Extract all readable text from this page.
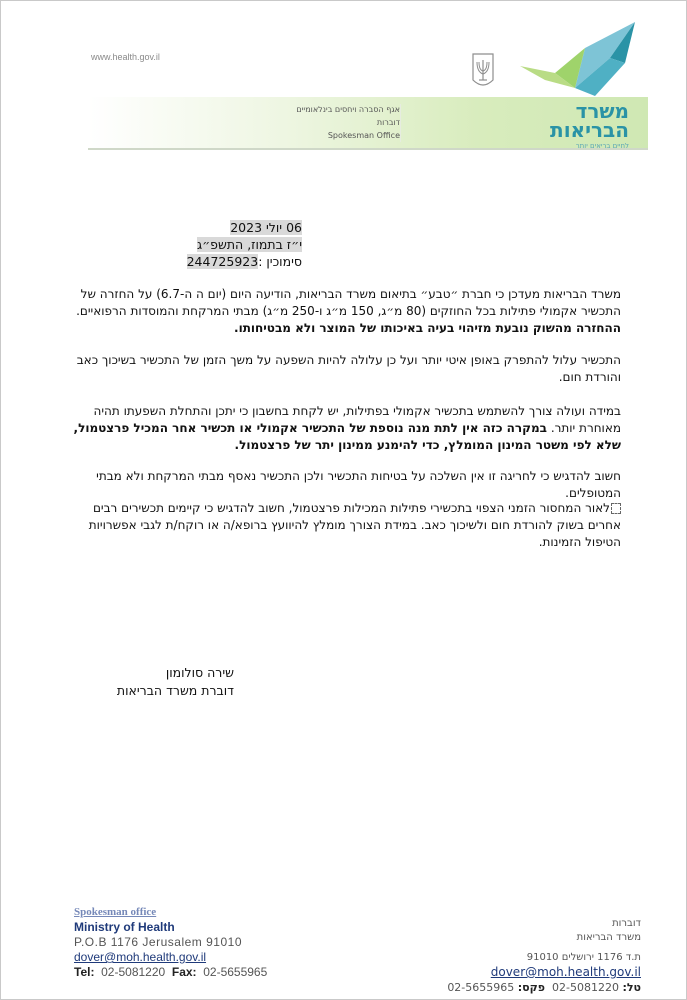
www.health.gov.il
משרד
הבריאות
לחיים בריאים יותר
אגף הסברה ויחסים בינלאומיים
דוברות
Spokesman Office
06 יולי 2023
י״ז בתמוז, התשפ״ג
סימוכין :244725923
משרד הבריאות מעדכן כי חברת ״טבע״ בתיאום משרד הבריאות, הודיעה היום (יום ה ה-6.7) על החזרה של התכשיר אקמולי פתילות בכל החוזקים (80 מ״ג, 150 מ״ג ו-250 מ״ג) מבתי המרקחת והמוסדות הרפואיים. ההחזרה מהשוק נובעת מזיהוי בעיה באיכותו של המוצר ולא מבטיחותו.
התכשיר עלול להתפרק באופן איטי יותר ועל כן עלולה להיות השפעה על משך הזמן של התכשיר בשיכוך כאב והורדת חום.
במידה ועולה צורך להשתמש בתכשיר אקמולי בפתילות, יש לקחת בחשבון כי יתכן והתחלת השפעתו תהיה מאוחרת יותר. במקרה כזה אין לתת מנה נוספת של התכשיר אקמולי או תכשיר אחר המכיל פרצטמול, שלא לפי משטר המינון המומלץ, כדי להימנע ממינון יתר של פרצטמול.
חשוב להדגיש כי לחריגה זו אין השלכה על בטיחות התכשיר ולכן התכשיר נאסף מבתי המרקחת ולא מבתי המטופלים.
לאור המחסור הזמני הצפוי בתכשירי פתילות המכילות פרצטמול, חשוב להדגיש כי קיימים תכשירים רבים אחרים בשוק להורדת חום ולשיכוך כאב. במידת הצורך מומלץ להיוועץ ברופא/ה או רוקח/ת לגבי אפשרויות הטיפול הזמינות.
שירה סולומון
דוברת משרד הבריאות
Spokesman office
Ministry of Health
P.O.B 1176 Jerusalem 91010
dover@moh.health.gov.il
Tel: 02-5081220 Fax: 02-5655965
דוברות
משרד הבריאות
ת.ד 1176 ירושלים 91010
dover@moh.health.gov.il
טל: 02-5081220  פקס: 02-5655965
